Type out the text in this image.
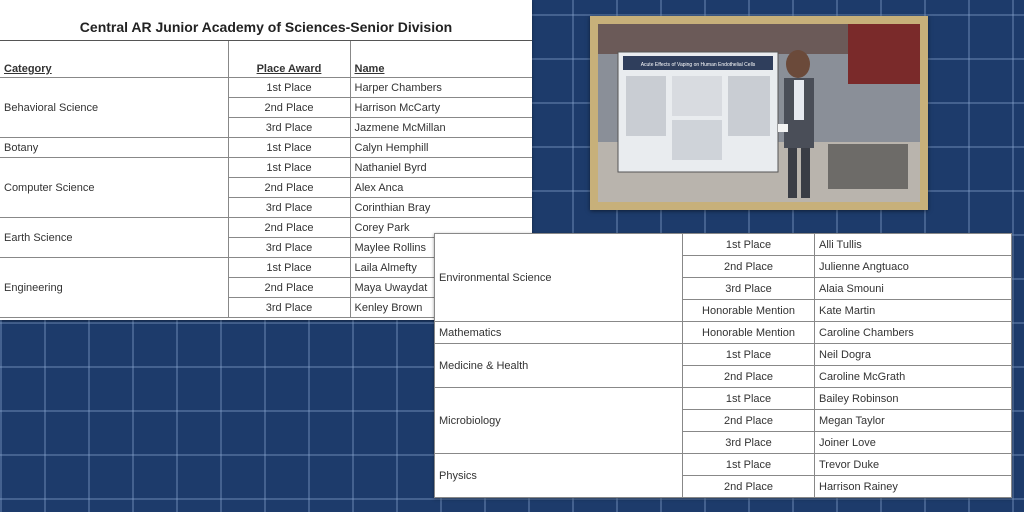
Central AR Junior Academy of Sciences-Senior Division
Category	Place Award	Name
Behavioral Science	1st Place	Harper Chambers
	2nd Place	Harrison McCarty
	3rd Place	Jazmene McMillan
Botany	1st Place	Calyn Hemphill
Computer Science	1st Place	Nathaniel Byrd
	2nd Place	Alex Anca
	3rd Place	Corinthian Bray
Earth Science	2nd Place	Corey Park
	3rd Place	Maylee Rollins
Engineering	1st Place	Laila Almefty
	2nd Place	Maya Uwaydat
	3rd Place	Kenley Brown
Acute Effects of Vaping on Human Endothelial Cells
Environmental Science	1st Place	Alli Tullis
	2nd Place	Julienne Angtuaco
	3rd Place	Alaia Smouni
	Honorable Mention	Kate Martin
Mathematics	Honorable Mention	Caroline Chambers
Medicine & Health	1st Place	Neil Dogra
	2nd Place	Caroline McGrath
Microbiology	1st Place	Bailey Robinson
	2nd Place	Megan Taylor
	3rd Place	Joiner Love
Physics	1st Place	Trevor Duke
	2nd Place	Harrison Rainey
